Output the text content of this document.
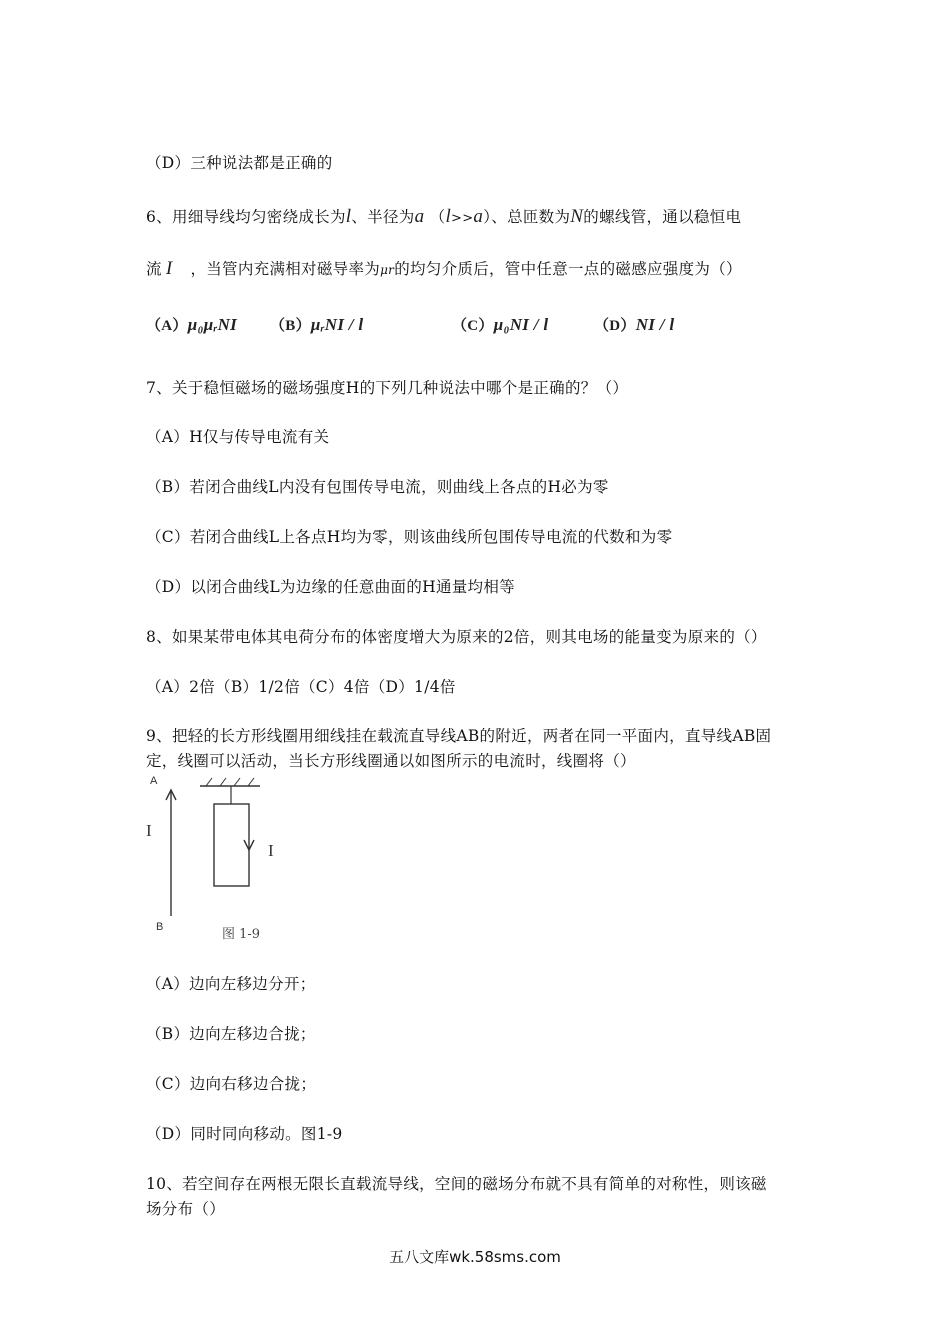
（D）三种说法都是正确的
6、用细导线均匀密绕成长为l、半径为a （l>>a）、总匝数为N的螺线管，通以稳恒电
流 I ，当管内充满相对磁导率为μr的均匀介质后，管中任意一点的磁感应强度为（）
（A）μ₀μᵣNI （B）μᵣNI / l	（C）μ₀NI / l	（D）NI / l
7、关于稳恒磁场的磁场强度H的下列几种说法中哪个是正确的？（）
（A）H仅与传导电流有关
（B）若闭合曲线L内没有包围传导电流，则曲线上各点的H必为零
（C）若闭合曲线L上各点H均为零，则该曲线所包围传导电流的代数和为零
（D）以闭合曲线L为边缘的任意曲面的H通量均相等
8、如果某带电体其电荷分布的体密度增大为原来的2倍，则其电场的能量变为原来的（）
（A）2倍（B）1/2倍（C）4倍（D）1/4倍
9、把轻的长方形线圈用细线挂在载流直导线AB的附近，两者在同一平面内，直导线AB固
定，线圈可以活动，当长方形线圈通以如图所示的电流时，线圈将（）
A
B
I
I
图 1-9
（A）边向左移边分开；
（B）边向左移边合拢；
（C）边向右移边合拢；
（D）同时同向移动。图1-9
10、若空间存在两根无限长直载流导线，空间的磁场分布就不具有简单的对称性，则该磁
场分布（）
五八文库wk.58sms.com
